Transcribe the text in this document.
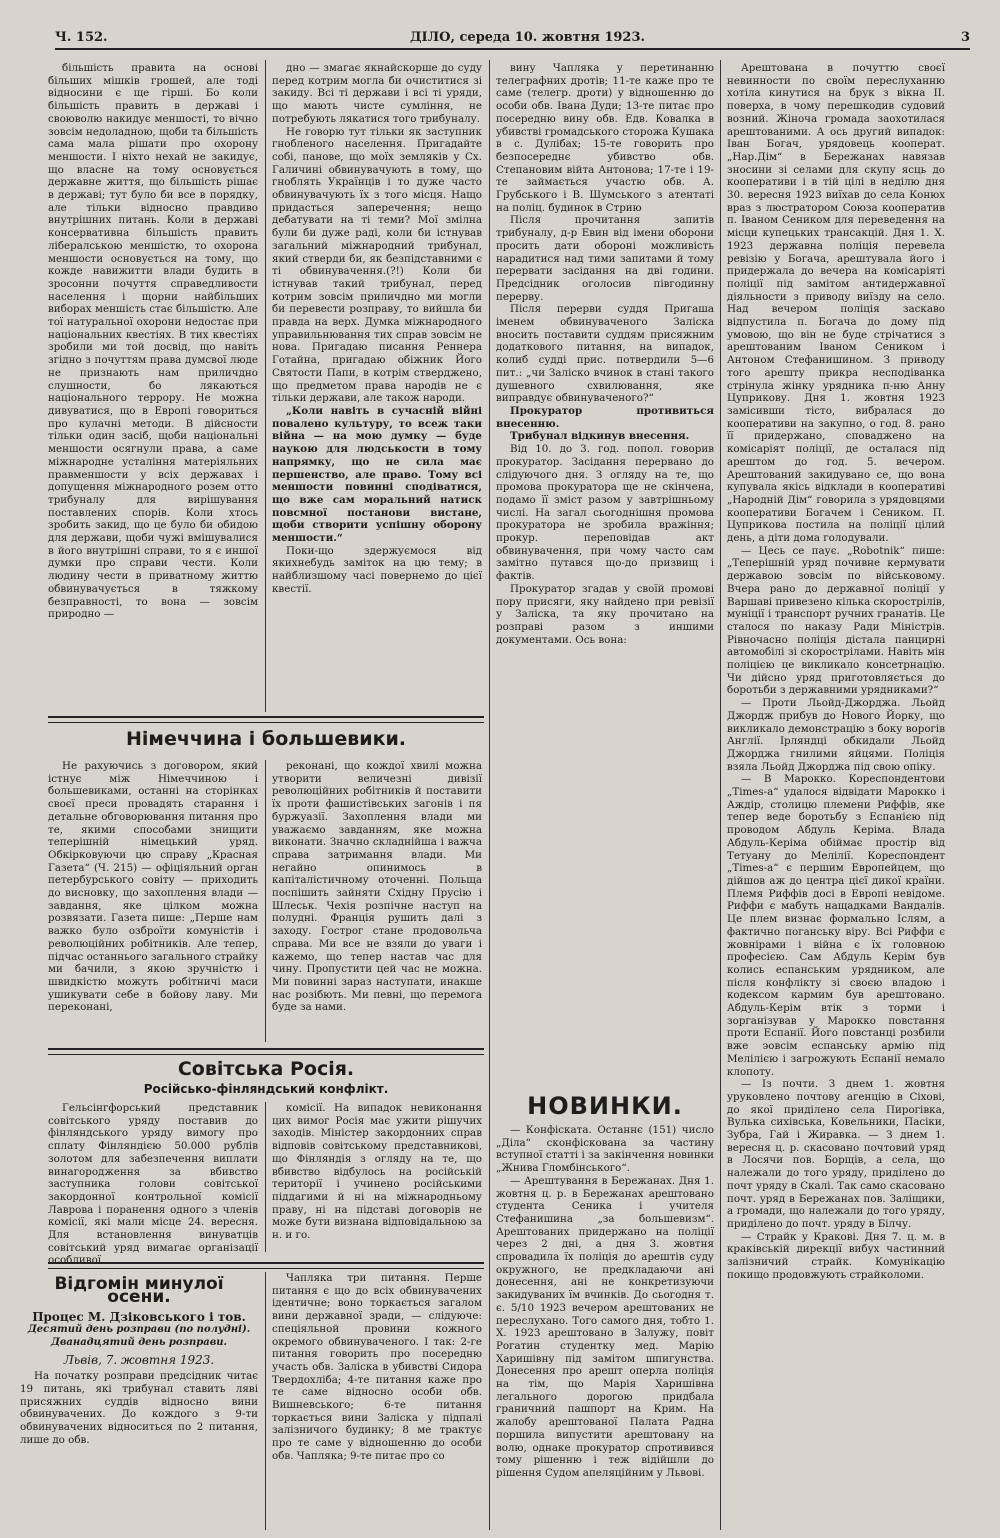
Ч. 152.	ДІЛО, середа 10. жовтня 1923.	3

більшість правита на основі більших мішків грошей, але тоді відносини є ще гірші. Бо коли більшість править в державі і своюволю накидує меншості, то вічно зовсім недоладною, щоби та більшість сама мала рішати про охорону меншости. І ніхто нехай не закидує, що власне на тому основується державне життя, що більшість рішає в державі; тут було би все в порядку, але тільки відносно правдиво внутрішних питань. Коли в державі консервативна більшість править лібералською меншістю, то охорона меншости основується на тому, що кожде навижитти влади будить в зросонни почуття справедливости населення і щорни найбільших виборах меншість стає більшістю. Але тої натуральної охорони недостає при національних квестіях. В тих квестіях зробили ми той досвід, що навіть згідно з почуттям права думсвої люде не признають нам приличдно слушности, бо лякаються національного террору. Не можна дивуватися, що в Европі говориться про кулачні методи. В дійсности тільки один засіб, щоби національні меншости осягнули права, а саме міжнародне устаління матеріяльних правменшости у всіх державах і допущення міжнародного розем отто трибуналу для вирішування поставлених спорів. Коли хтось зробить закид, що це було би обидою для держави, щоби чужі вмішувалися в його внутрішні справи, то я є иншої думки про справи чести. Коли людину чести в приватному життю обвинувачується в тяжкому безправності, то вона — зовсім природно —

дно — змагає якнайскорше до суду перед котрим могла би очиститися зі закиду. Всі ті держави і всі ті уряди, що мають чисте сумління, не потребують лякатися того трибуналу.

Не говорю тут тільки як заступник гнобленого населення. Пригадайте собі, панове, що моїх земляків у Сх. Галичині обвинувачують в тому, що гноблять Українців і то дуже часто обвинувачують їх з того місця. Нащо придасться заперечення; нещо дебатувати на ті теми? Мої змілна були би дуже раді, коли би істнував загальний міжнародний трибунал, який стверди би, як безпідставними є ті обвинувачення.(?!) Коли би істнував такий трибунал, перед котрим зовсім приличдно ми могли би перевести розправу, то вийшла би правда на верх. Думка міжнародного управильнювання тих справ зовсім не нова. Пригадаю писання Реннера Готайна, пригадаю обіжник Його Святости Папи, в котрім стверджено, що предметом права народів не є тільки держави, але також народи.

„Коли навіть в сучасній війні повалено культуру, то всеж таки війна — на мою думку — буде наукою для людськости в тому напрямку, що не сила має першенство, але право. Тому всі меншости повинні сподіватися, що вже сам моральний натиск повсмної постанови вистане, щоби створити успішну оборону меншости.“

Поки-що здержуємося від якихнебудь заміток на цю тему; в найблизшому часі повернемо до цієї квестії.

вину Чапляка у перетинанню телеграфних дротів; 11-те каже про те саме (телегр. дроти) у відношенню до особи обв. Івана Дуди; 13-те питає про посередню вину обв. Едв. Ковалка в убивстві громадського сторожа Кушака в с. Дулібах; 15-те говорить про безпосереднє убивство обв. Степановим війта Антонова; 17-те і 19-те займається участю обв. А. Грубського і В. Шумського з атентаті на поліц. будинок в Стрию

Після прочитання запитів трибуналу, д-р Евин від імени оборони просить дати обороні можливість нарадитися над тими запитами й тому перервати засідання на дві години. Предсідник оголосив півгодинну перерву.

Після перерви суддя Пригаша іменем обвинуваченого Заліска вносить поставити суддям присяжним додаткового питання, на випадок, колиб судді прис. потвердили 5—6 пит.: „чи Заліско вчинок в стані такого душевного схвилювання, яке виправдує обвинуваченого?“

Прокуратор противиться внесенню.

Трибунал відкинув внесення.

Від 10. до 3. год. попол. говорив прокуратор. Засідання перервано до слідуючого дня. З огляду на те, що промова прокуратора ще не скінчена, подамо її зміст разом у завтрішньому числі. На загал сьогоднішня промова прокуратора не зробила вражіння; прокур. переповідав акт обвинувачення, при чому часто сам замітно путався що-до призвищ і фактів.

Прокуратор згадав у своїй промові пору присяги, яку найдено при ревізії у Заліска, та яку прочитано на розправі разом з иншими документами. Ось вона:

Арештована в почуттю своєї невинности по своїм переслуханню хотіла кинутися на брук з вікна II. поверха, в чому перешкодив судовий возний. Жіноча громада заохотилася арештованими. А ось другий випадок: Іван Богач, урядовець кооперат. „Нар.Дім“ в Бережанах навязав зносини зі селами для скупу ясць до кооперативи і в тій цілі в неділю дня 30. вересня 1923 виїхав до села Конюх враз з люстратором Союза кооператив п. Іваном Сеником для переведення на місци купецьких трансакцій. Дня 1. X. 1923 державна поліція перевела ревізію у Богача, арештувала його і придержала до вечера на комісаріяті поліції під замітом антидержавної діяльности з приводу виїзду на село. Над вечером поліція заскаво відпустила п. Богача до дому під умовою, що він не буде стрічатися з арештованим Іваном Сеником і Антоном Стефанишином. З приводу того арешту прикра несподіванка стрінула жінку урядника п-ню Анну Цуприкову. Дня 1. жовтня 1923 замісивши тісто, вибралася до кооперативи на закупно, о год. 8. рано її придержано, споваджено на комісаріят поліції, де осталася під арештом до год. 5. вечером. Арештований закидувано се, що вона купувала якісь відклади в кооперативі „Народній Дім“ говорила з урядовцями кооперативи Богачем і Сеником. П. Цуприкова постила на поліції цілий день, а діти дома голодували.

— Цесь се паує. „Robotnik“ пише: „Теперішній уряд почивне кермувати державою зовсім по військовому. Вчера рано до державної поліції у Варшаві привезено кілька скорострілів, муніції і транспорт ручних гранатів. Це сталося по наказу Ради Міністрів. Рівночасно поліція дістала панцирні автомобілі зі скорострілами. Навіть мін поліцією це викликало консетрнацію. Чи дійсно уряд приготовляється до боротьби з державними урядниками?“

— Проти Льойд-Джорджа. Льойд Джордж прибув до Нового Йорку, що викликало демонстрацію з боку ворогів Англії. Ірляндці обкидали Льойд Джорджа гнилими яйцями. Поліція взяла Льойд Джорджа під свою опіку.

— В Марокко. Кореспондентови „Times-а“ удалося відвідати Марокко і Аждір, столицю племени Риффів, яке тепер веде боротьбу з Еспанією під проводом Абдуль Керіма. Влада Абдуль-Керіма обіймає простір від Тетуану до Мелілії. Кореспондент „Times-а“ є першим Европейцем, що дійшов аж до центра цієї дикої країни. Племя Риффів досі в Европі невідоме. Риффи є мабуть нащадками Вандалів. Це плем визнає формально Іслям, а фактично поганську віру. Всі Риффи є жовнірами і війна є їх головною професією. Сам Абдуль Керім був колись еспанським урядником, але після конфлікту зі своєю владою і кодексом кармим був арештовано. Абдуль-Керім втік з торми і зорганізував у Марокко повстання проти Еспанії. Його повстанці розбили вже эовсім еспанську армію під Мелілією і загрожують Еспанії немало клопоту.

— Із почти. З днем 1. жовтня уруковлено почтову агенцію в Сіхові, до якої приділено села Пирогівка, Вулька сихівська, Ковельники, Пасіки, Зубра, Гай і Жиравка. — З днем 1. вересня ц. р. скасовано почтовий уряд в Лосячи пов. Борщів, а села, що належали до того уряду, приділено до почт уряду в Скалі. Так само скасовано почт. уряд в Бережанах пов. Заліщики, а громади, що належали до того уряду, приділено до почт. уряду в Білчу.

— Страйк у Кракові. Дня 7. ц. м. в краківській дирекції вибух частинний залізничий страйк. Комунікацію покищо продовжують страйколоми.

Німеччина і большевики.

Не рахуючись з договором, який істнує між Німеччиною і большевиками, останні на сторінках своєї преси провадять старання і детальне обговорювання питання про те, якими способами знищити теперішній німецький уряд. Обкірковуючи цю справу „Красная Газета“ (Ч. 215) — офіціяльний орган петербурського совіту — приходить до висновку, що захоплення влади — завдання, яке цілком можна розвязати. Газета пише: „Перше нам важко було озброїти комуністів і революційних робітників. Але тепер, підчас останнього загального страйку ми бачили, з якою зручністю і швидкістю можуть робітничі маси ушикувати себе в бойову лаву. Ми переконані,

реконані, що кождої хвилі можна утворити величезні дивізії революційних робітників й поставити їх проти фашистівських загонів і пя буржуазії. Захоплення влади ми уважаємо завданням, яке можна виконати. Значно складнійша і важча справа затримання влади. Ми негайно опинимось в капіталістичному оточенні. Польща поспішить зайняти Східну Прусію і Шлеськ. Чехія розпічне наступ на полудні. Франція рушить далі з заходу. Гострог стане продовольча справа. Ми все не взяли до уваги і кажемо, що тепер настав час для чину. Пропустити цей час не можна. Ми повинні зараз наступати, инакше нас розібють. Ми певні, що перемога буде за нами.

Совітська Росія.
Російсько-фінляндський конфлікт.

Гельсінгфорський представник совітського уряду поставив до фінляндського уряду вимогу про сплату Фінляндією 50.000 рублів золотом для забезпечення виплати винагородження за вбивство заступника голови совітської закордонної контрольної комісії Лаврова і поранення одного з членів комісії, які мали місце 24. вересня. Для встановлення винуватців совітський уряд вимагає організації особливої

комісії. На випадок невиконання цих вимог Росія має ужити рішучих заходів. Міністер закордонних справ відповів совітському представникові, що Фінляндія з огляду на те, що вбивство відбулось на російській території і учинено російськими піддагими й ні на міжнародньому праву, ні на підставі договорів не може бути визнана відповідальною за н. и го.

Відгомін минулої осени.
Процес М. Дзіковського і тов.
Десятий день розправи (по полудні).
Дванадцятий день розправи.
Львів, 7. жовтня 1923.

На початку розправи предсідник читає 19 питань, які трибунал ставить ляві присяжних суддів відносно вини обвинувачених. До кождого з 9-ти обвинувачених відноситься по 2 питання, лише до обв.

Чапляка три питання. Перше питання є що до всіх обвинувачених ідентичне; воно торкається загалом вини державної зради, — слідуюче: спеціяльной провини кожного окремого обвинуваченого. І так: 2-ге питання говорить про посередню участь обв. Заліска в убивстві Сидора Твердохліба; 4-те питання каже про те саме відносно особи обв. Вишневського; 6-те питання торкається вини Заліска у підпалі залізничого будинку; 8 ме трактує про те саме у відношенню до особи обв. Чапляка; 9-те питає про со

НОВИНКИ.

— Конфіската. Останнє (151) число „Діла“ сконфіскована за частину вступної статті і за закінчення новинки „Жнива Гломбінського“.

— Арештування в Бережанах. Дня 1. жовтня ц. р. в Бережанах арештовано студента Сеника і учителя Стефанишина „за большевизм“. Арештованих придержано на поліції через 2 дні, а дня 3. жовтня спровадила їх поліція до арештів суду окружного, не предкладаючи ані донесення, ані не конкретизуючи закидуваних їм вчинків. До сьогодня т. є. 5/10 1923 вечером арештованих не переслухано. Того самого дня, тобто 1. X. 1923 арештовано в Залужу, повіт Рогатин студентку мед. Марію Харишівну під замітом шпигунства. Донесення про арешт оперла поліція на тім, що Марія Харишівна легального дорогою придбала граничний пашпорт на Крим. На жалобу арештованої Палата Радна поршила випустити арештовану на волю, однаке прокуратор спротивився тому рішенню і теж відійшли до рішення Судом апеляційним у Львові.
